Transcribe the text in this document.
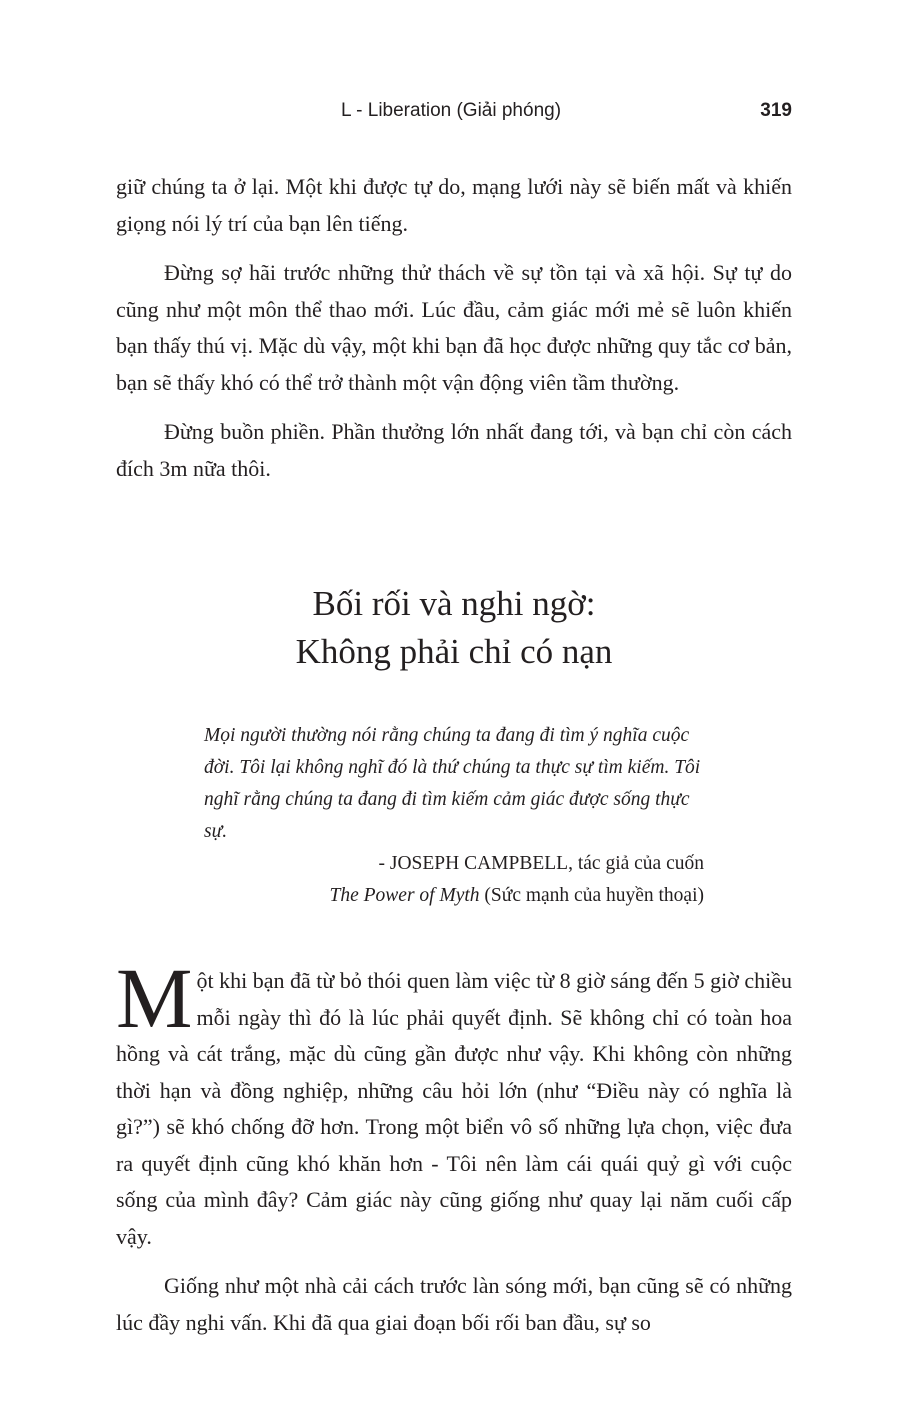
L - Liberation (Giải phóng)	319

giữ chúng ta ở lại. Một khi được tự do, mạng lưới này sẽ biến mất và khiến giọng nói lý trí của bạn lên tiếng.

Đừng sợ hãi trước những thử thách về sự tồn tại và xã hội. Sự tự do cũng như một môn thể thao mới. Lúc đầu, cảm giác mới mẻ sẽ luôn khiến bạn thấy thú vị. Mặc dù vậy, một khi bạn đã học được những quy tắc cơ bản, bạn sẽ thấy khó có thể trở thành một vận động viên tầm thường.

Đừng buồn phiền. Phần thưởng lớn nhất đang tới, và bạn chỉ còn cách đích 3m nữa thôi.

Bối rối và nghi ngờ:
Không phải chỉ có nạn

Mọi người thường nói rằng chúng ta đang đi tìm ý nghĩa cuộc đời. Tôi lại không nghĩ đó là thứ chúng ta thực sự tìm kiếm. Tôi nghĩ rằng chúng ta đang đi tìm kiếm cảm giác được sống thực sự.

- JOSEPH CAMPBELL, tác giả của cuốn

The Power of Myth (Sức mạnh của huyền thoại)

Một khi bạn đã từ bỏ thói quen làm việc từ 8 giờ sáng đến 5 giờ chiều mỗi ngày thì đó là lúc phải quyết định. Sẽ không chỉ có toàn hoa hồng và cát trắng, mặc dù cũng gần được như vậy. Khi không còn những thời hạn và đồng nghiệp, những câu hỏi lớn (như “Điều này có nghĩa là gì?”) sẽ khó chống đỡ hơn. Trong một biển vô số những lựa chọn, việc đưa ra quyết định cũng khó khăn hơn - Tôi nên làm cái quái quỷ gì với cuộc sống của mình đây? Cảm giác này cũng giống như quay lại năm cuối cấp vậy.

Giống như một nhà cải cách trước làn sóng mới, bạn cũng sẽ có những lúc đầy nghi vấn. Khi đã qua giai đoạn bối rối ban đầu, sự so
